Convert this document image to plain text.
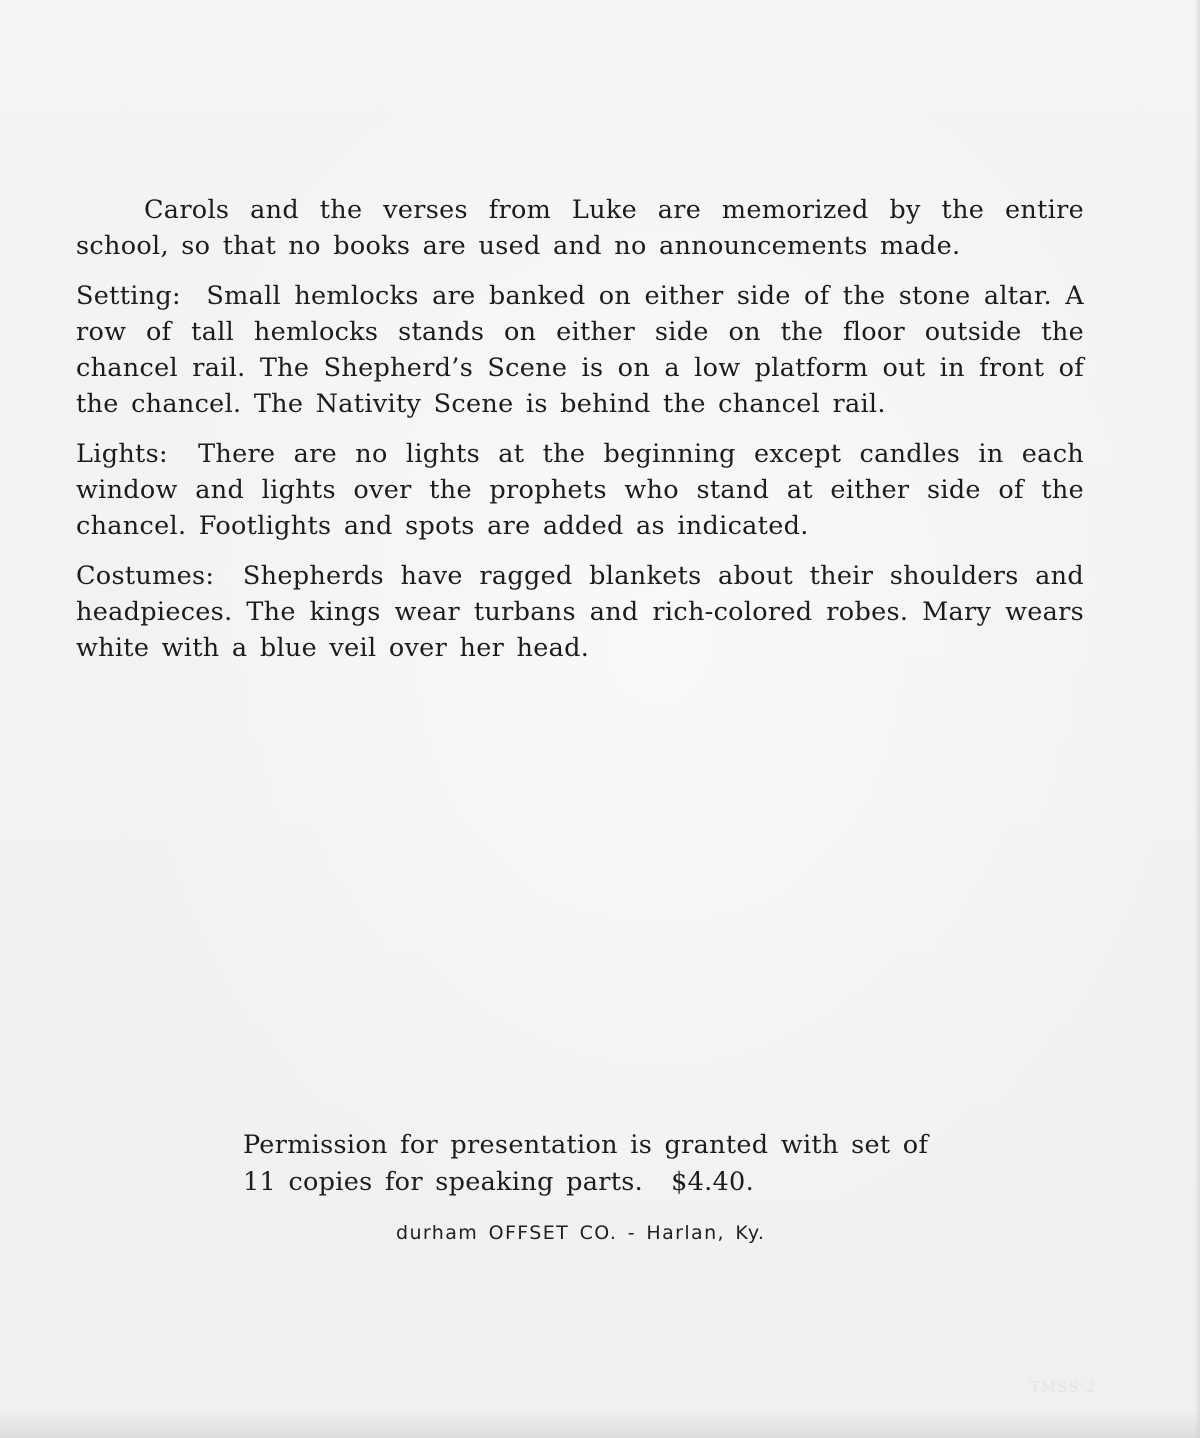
Carols and the verses from Luke are memorized by the entire school, so that no books are used and no announcements made.

Setting: Small hemlocks are banked on either side of the stone altar. A row of tall hemlocks stands on either side on the floor outside the chancel rail. The Shepherd’s Scene is on a low platform out in front of the chancel. The Nativity Scene is behind the chancel rail.

Lights: There are no lights at the beginning except candles in each window and lights over the prophets who stand at either side of the chancel. Footlights and spots are added as indicated.

Costumes: Shepherds have ragged blankets about their shoulders and headpieces. The kings wear turbans and rich-colored robes. Mary wears white with a blue veil over her head.

Permission for presentation is granted with set of
11 copies for speaking parts. $4.40.
durham OFFSET CO. - Harlan, Ky.
TMSS 2
